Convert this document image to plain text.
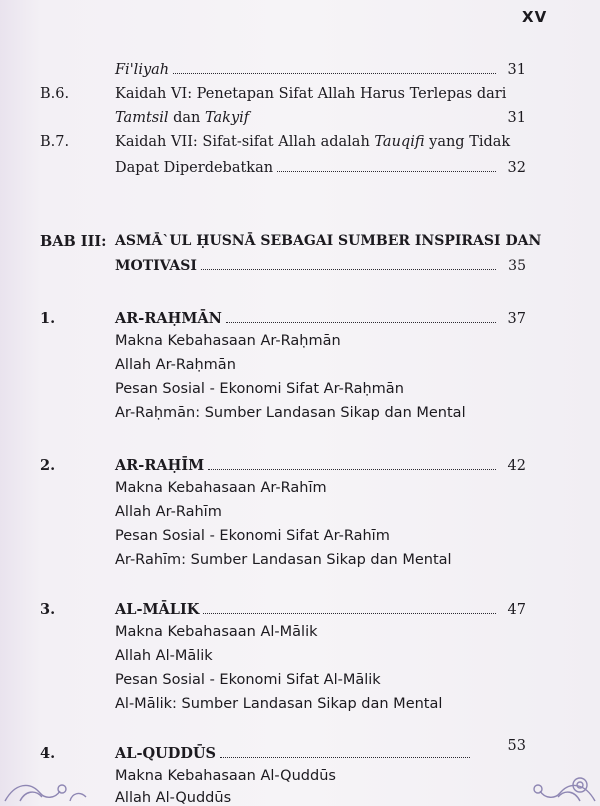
XV
Fi'liyah	31
B.6.	Kaidah VI: Penetapan Sifat Allah Harus Terlepas dari
Tamtsil dan Takyif	31
B.7.	Kaidah VII: Sifat-sifat Allah adalah Tauqifi yang Tidak
Dapat Diperdebatkan	32
BAB III: ASMĀ`UL ḤUSNĀ SEBAGAI SUMBER INSPIRASI DAN
MOTIVASI	35
1.	AR-RAḤMĀN	37
Makna Kebahasaan Ar-Raḥmān
Allah Ar-Raḥmān
Pesan Sosial - Ekonomi Sifat Ar-Raḥmān
Ar-Raḥmān: Sumber Landasan Sikap dan Mental
2.	AR-RAḤĪM	42
Makna Kebahasaan Ar-Rahīm
Allah Ar-Rahīm
Pesan Sosial - Ekonomi Sifat Ar-Rahīm
Ar-Rahīm: Sumber Landasan Sikap dan Mental
3.	AL-MĀLIK	47
Makna Kebahasaan Al-Mālik
Allah Al-Mālik
Pesan Sosial - Ekonomi Sifat Al-Mālik
Al-Mālik: Sumber Landasan Sikap dan Mental
4.	AL-QUDDŪS	53
Makna Kebahasaan Al-Quddūs
Allah Al-Quddūs
